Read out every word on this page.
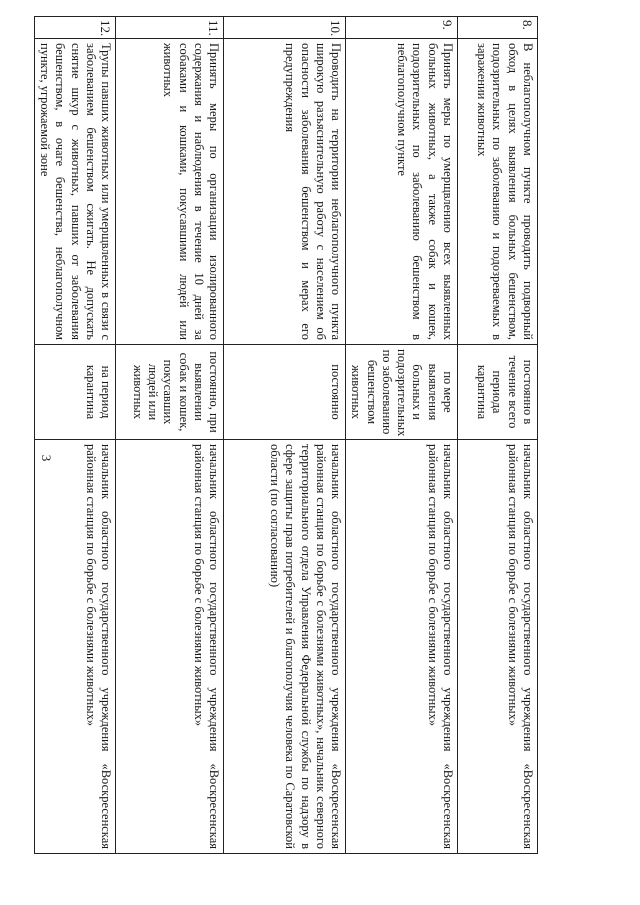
3
8.	В неблагополучном пункте проводить подворный обход в целях выявления больных бешенством, подозрительных по заболеванию и подозреваемых в заражении животных	постоянно в течение всего периода карантина	начальник областного государственного учреждения «Воскресенская районная станция по борьбе с болезнями животных»
9.	Принять меры по умерщвлению всех выявленных больных животных, а также собак и кошек, подозрительных по заболеванию бешенством в неблагополучном пункте	по мере выявления больных и подозрительных по заболеванию бешенством животных	начальник областного государственного учреждения «Воскресенская районная станция по борьбе с болезнями животных»
10.	Проводить на территории неблагополучного пункта широкую разъяснительную работу с населением об опасности заболевания бешенством и мерах его предупреждения	постоянно	начальник областного государственного учреждения «Воскресенская районная станция по борьбе с болезнями животных», начальник северного территориального отдела Управления Федеральной службы по надзору в сфере защиты прав потребителей и благополучия человека по Саратовской области (по согласованию)
11.	Принять меры по организации изолированного содержания и наблюдения в течение 10 дней за собаками и кошками, покусавшими людей или животных	постоянно, при выявлении собак и кошек, покусавших людей или животных	начальник областного государственного учреждения «Воскресенская районная станция по борьбе с болезнями животных»
12.	Трупы павших животных или умерщвленных в связи с заболеванием бешенством сжигать. Не допускать снятие шкур с животных, павших от заболевания бешенством, в очаге бешенства, неблагополучном пункте, угрожаемой зоне	на период карантина	начальник областного государственного учреждения «Воскресенская районная станция по борьбе с болезнями животных»
